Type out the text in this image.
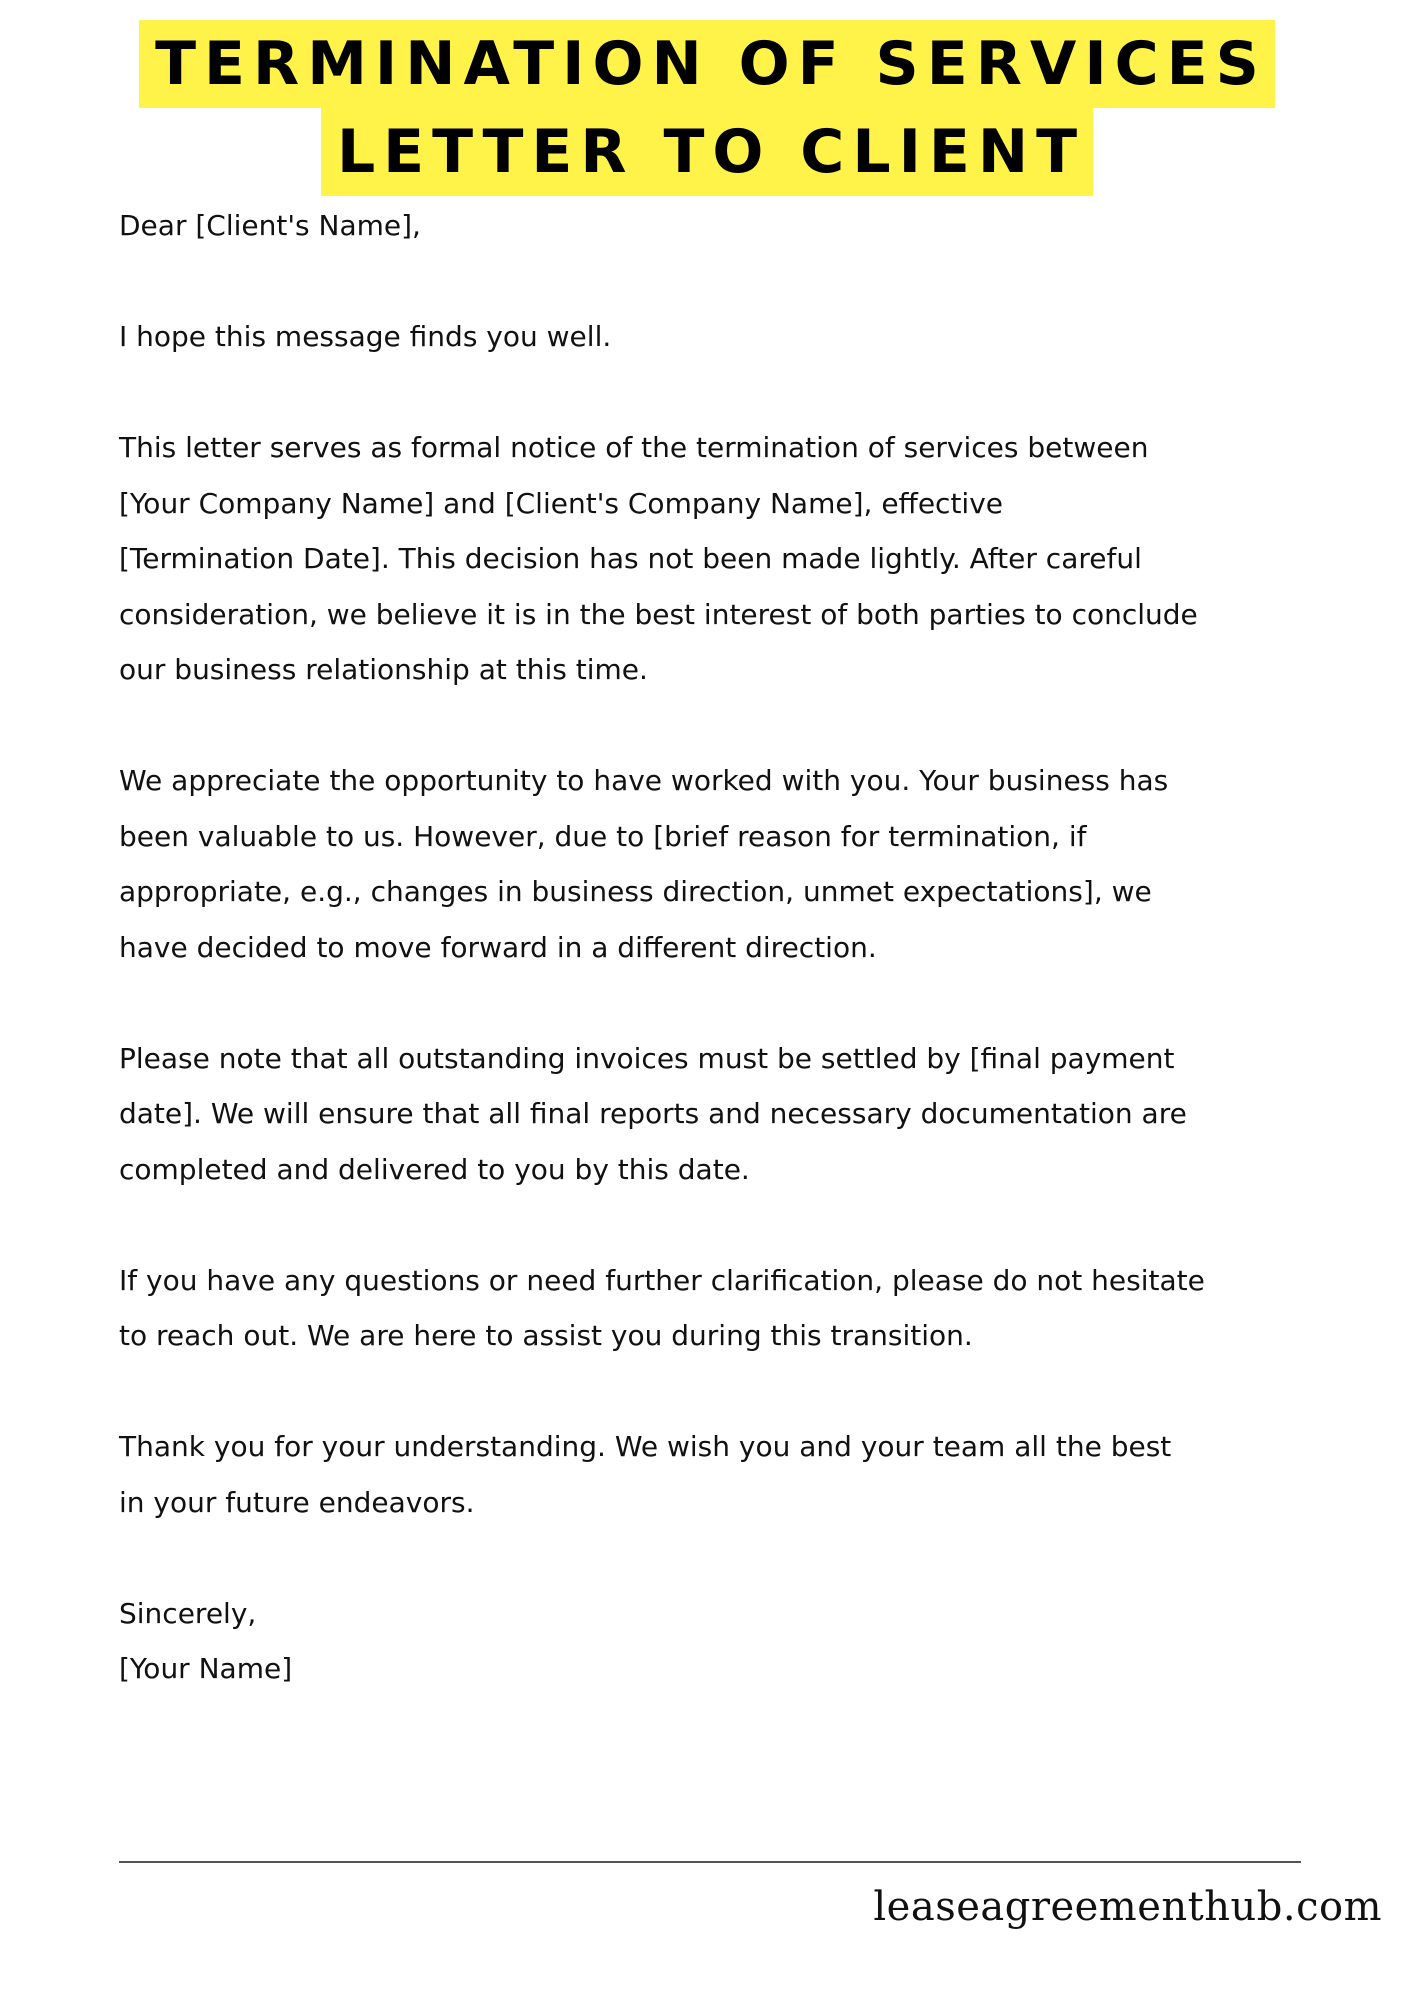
TERMINATION OF SERVICES
LETTER TO CLIENT

Dear [Client's Name],

I hope this message finds you well.

This letter serves as formal notice of the termination of services between
[Your Company Name] and [Client's Company Name], effective
[Termination Date]. This decision has not been made lightly. After careful
consideration, we believe it is in the best interest of both parties to conclude
our business relationship at this time.

We appreciate the opportunity to have worked with you. Your business has
been valuable to us. However, due to [brief reason for termination, if
appropriate, e.g., changes in business direction, unmet expectations], we
have decided to move forward in a different direction.

Please note that all outstanding invoices must be settled by [final payment
date]. We will ensure that all final reports and necessary documentation are
completed and delivered to you by this date.

If you have any questions or need further clarification, please do not hesitate
to reach out. We are here to assist you during this transition.

Thank you for your understanding. We wish you and your team all the best
in your future endeavors.

Sincerely,

[Your Name]

leaseagreementhub.com
